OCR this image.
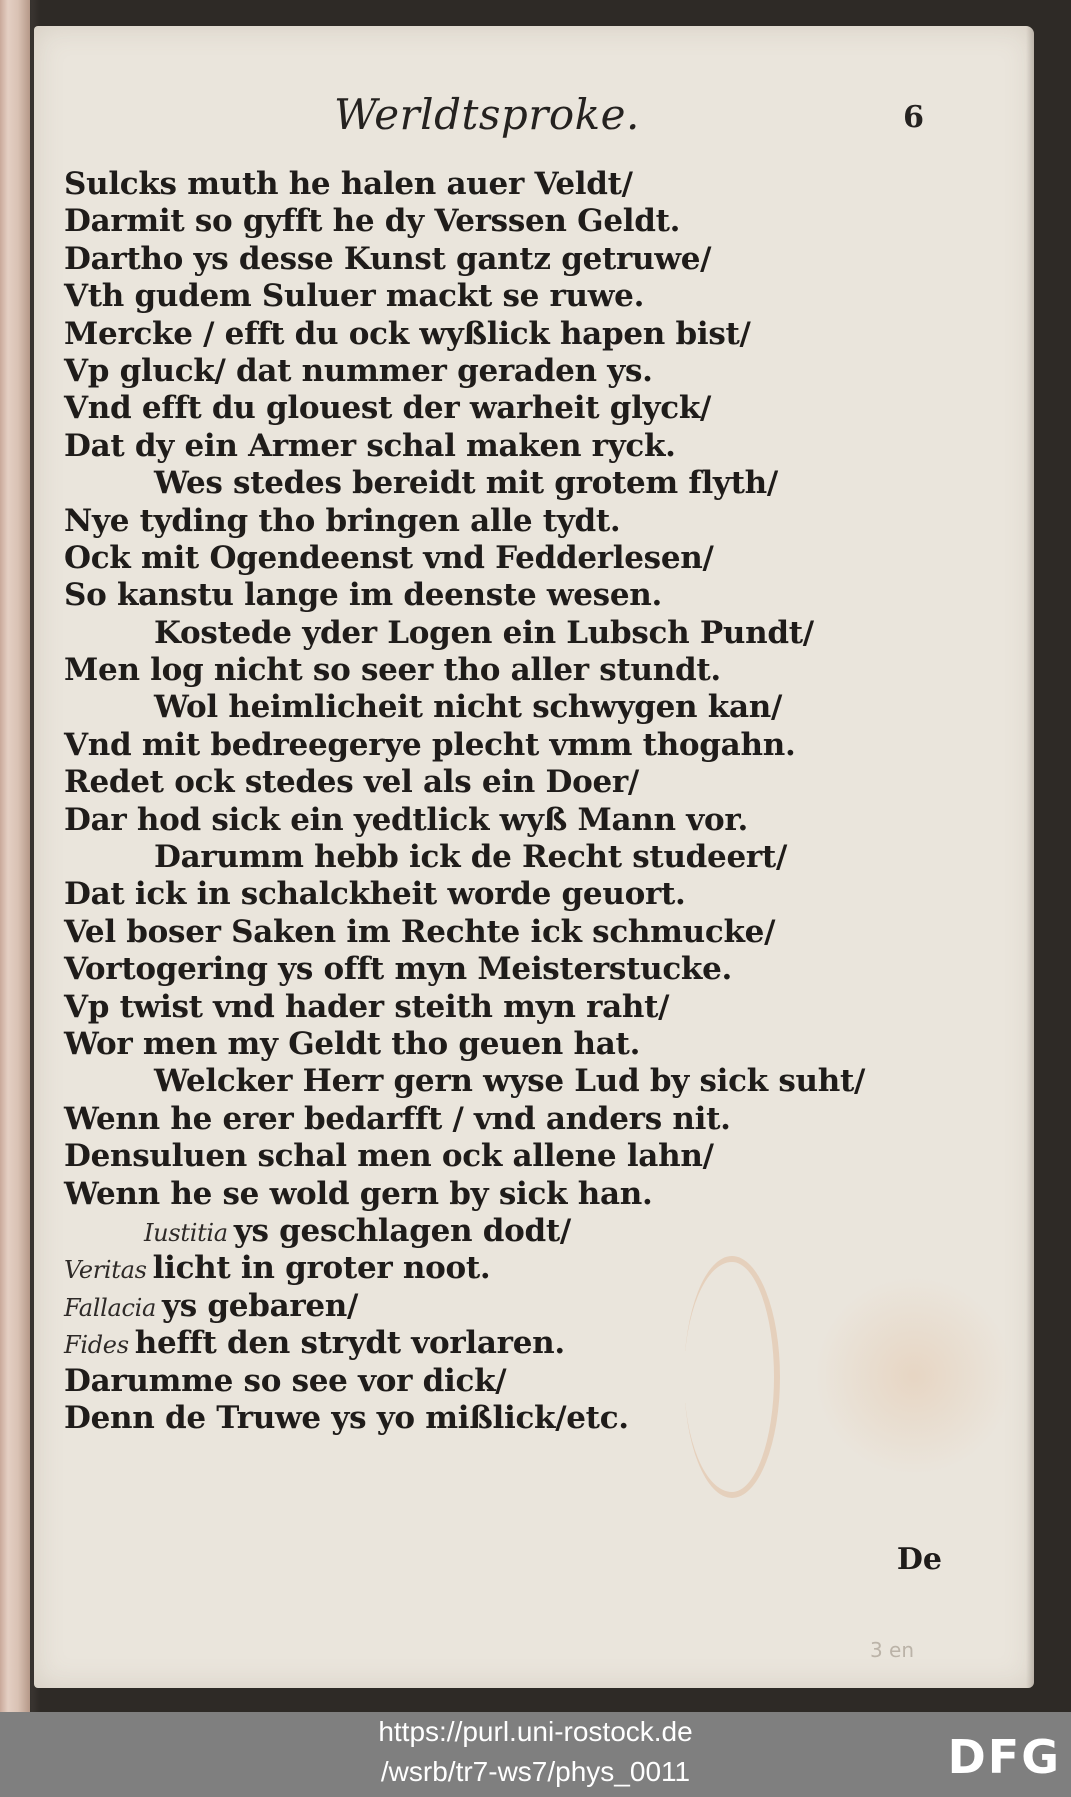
Werldtsproke.	6
Sulcks muth he halen auer Veldt/
Darmit so gyfft he dy Verssen Geldt.
Dartho ys desse Kunst gantz getruwe/
Vth gudem Suluer mackt se ruwe.
Mercke / efft du ock wyßlick hapen bist/
Vp gluck/ dat nummer geraden ys.
Vnd efft du glouest der warheit glyck/
Dat dy ein Armer schal maken ryck.
Wes stedes bereidt mit grotem flyth/
Nye tyding tho bringen alle tydt.
Ock mit Ogendeenst vnd Fedderlesen/
So kanstu lange im deenste wesen.
Kostede yder Logen ein Lubsch Pundt/
Men log nicht so seer tho aller stundt.
Wol heimlicheit nicht schwygen kan/
Vnd mit bedreegerye plecht vmm thogahn.
Redet ock stedes vel als ein Doer/
Dar hod sick ein yedtlick wyß Mann vor.
Darumm hebb ick de Recht studeert/
Dat ick in schalckheit worde geuort.
Vel boser Saken im Rechte ick schmucke/
Vortogering ys offt myn Meisterstucke.
Vp twist vnd hader steith myn raht/
Wor men my Geldt tho geuen hat.
Welcker Herr gern wyse Lud by sick suht/
Wenn he erer bedarfft / vnd anders nit.
Densuluen schal men ock allene lahn/
Wenn he se wold gern by sick han.
Iustitia ys geschlagen dodt/
Veritas licht in groter noot.
Fallacia ys gebaren/
Fides hefft den strydt vorlaren.
Darumme so see vor dick/
Denn de Truwe ys yo mißlick/etc.
De
3 en
https://purl.uni-rostock.de
/wsrb/tr7-ws7/phys_0011	DFG
